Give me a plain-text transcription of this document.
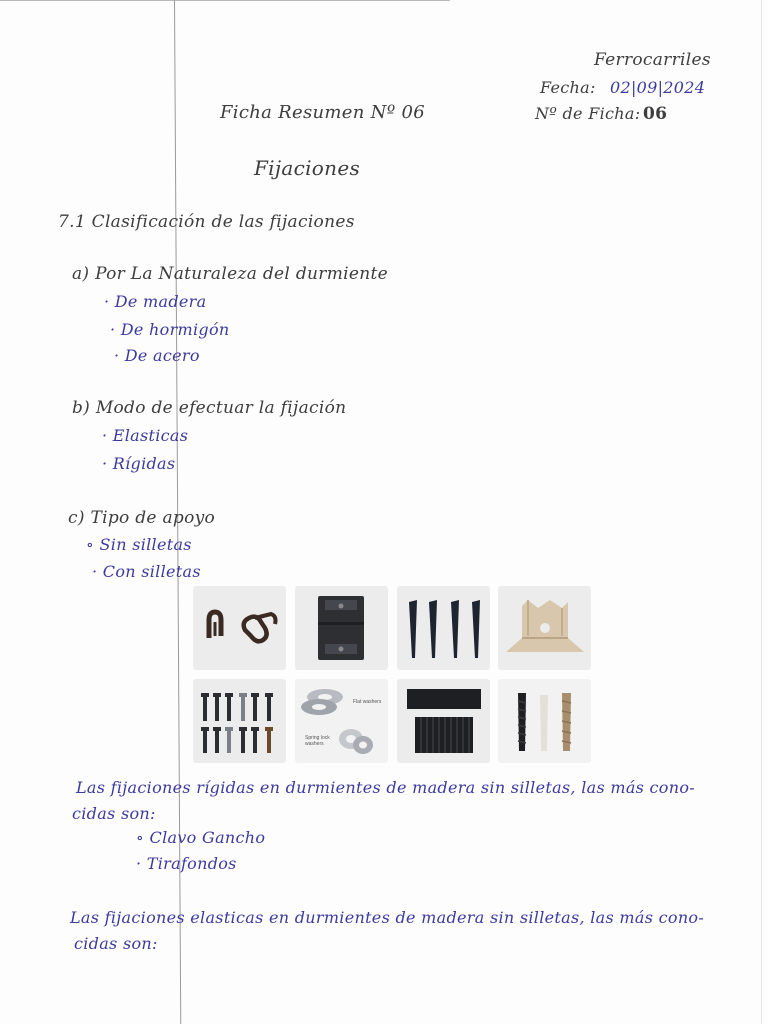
Ferrocarriles
Fecha: 02|09|2024
Nº de Ficha: 06
Ficha Resumen Nº 06
Fijaciones
7.1 Clasificación de las fijaciones
a) Por La Naturaleza del durmiente
· De madera
· De hormigón
· De acero
b) Modo de efectuar la fijación
· Elasticas
· Rígidas
c) Tipo de apoyo
∘ Sin silletas
· Con silletas
Flat washers
Spring lock washers
Las fijaciones rígidas en durmientes de madera sin silletas, las más cono-
cidas son:
∘ Clavo Gancho
· Tirafondos
Las fijaciones elasticas en durmientes de madera sin silletas, las más cono-
cidas son:
